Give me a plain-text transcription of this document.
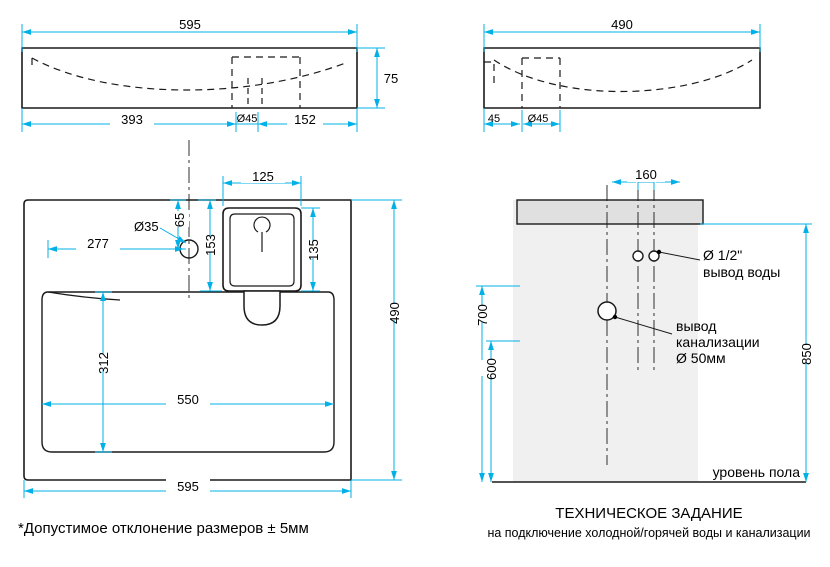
595
75
393	152
Ø45
490
45 Ø45
125
135
153
65
Ø35
277
312
550
490
595
160
Ø 1/2"
вывод воды
вывод
канализации
Ø 50мм
700
600
850
уровень пола
ТЕХНИЧЕСКОЕ ЗАДАНИЕ
на подключение холодной/горячей воды и канализации
*Допустимое отклонение размеров ± 5мм
